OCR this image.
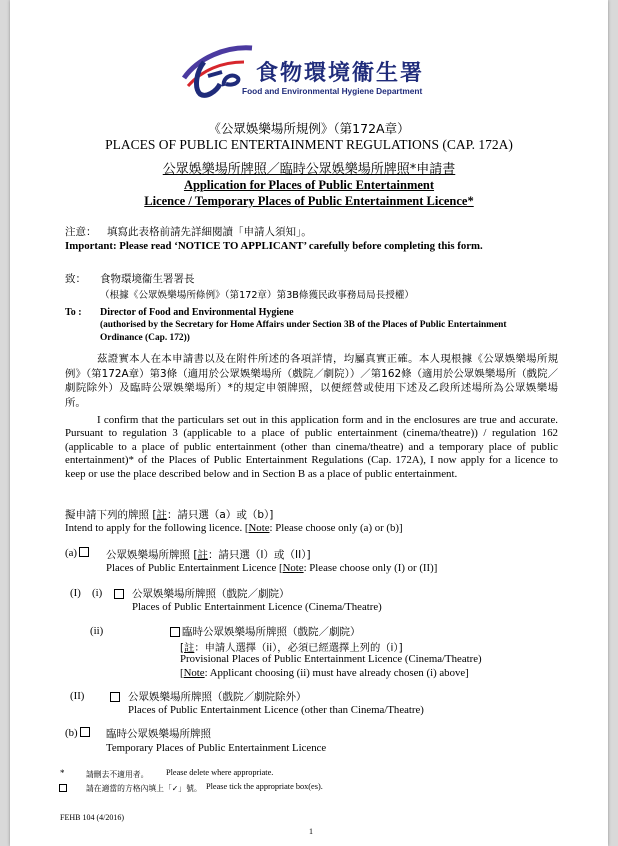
食物環境衞生署
Food and Environmental Hygiene Department
《公眾娛樂場所規例》（第172A章）
PLACES OF PUBLIC ENTERTAINMENT REGULATIONS (CAP. 172A)
公眾娛樂場所牌照／臨時公眾娛樂場所牌照*申請書
Application for Places of Public Entertainment
Licence / Temporary Places of Public Entertainment Licence*
注意： 填寫此表格前請先詳細閱讀「申請人須知」。
Important: Please read ‘NOTICE TO APPLICANT’ carefully before completing this form.
致： 食物環境衞生署署長
（根據《公眾娛樂場所條例》（第172章）第3B條獲民政事務局局長授權）
To : Director of Food and Environmental Hygiene
(authorised by the Secretary for Home Affairs under Section 3B of the Places of Public Entertainment
Ordinance (Cap. 172))

茲證實本人在本申請書以及在附件所述的各項詳情，均屬真實正確。本人現根據《公眾娛樂場所規例》（第172A章）第3條（適用於公眾娛樂場所（戲院／劇院））／第162條（適用於公眾娛樂場所（戲院／劇院除外）及臨時公眾娛樂場所）*的規定申領牌照，以便經營或使用下述及乙段所述場所為公眾娛樂場所。

I confirm that the particulars set out in this application form and in the enclosures are true and accurate. Pursuant to regulation 3 (applicable to a place of public entertainment (cinema/theatre)) / regulation 162 (applicable to a place of public entertainment (other than cinema/theatre) and a temporary place of public entertainment)* of the Places of Public Entertainment Regulations (Cap. 172A), I now apply for a licence to keep or use the place described below and in Section B as a place of public entertainment.

擬申請下列的牌照 [註：請只選（a）或（b）]
Intend to apply for the following licence. [Note: Please choose only (a) or (b)]
(a)	公眾娛樂場所牌照 [註：請只選（I）或（II）]
Places of Public Entertainment Licence [Note: Please choose only (I) or (II)]
(I) (i)	公眾娛樂場所牌照（戲院／劇院）
Places of Public Entertainment Licence (Cinema/Theatre)
(ii)	臨時公眾娛樂場所牌照（戲院／劇院）
[註：申請人選擇（ii），必須已經選擇上列的（i）]
Provisional Places of Public Entertainment Licence (Cinema/Theatre)
[Note: Applicant choosing (ii) must have already chosen (i) above]
(II)	公眾娛樂場所牌照（戲院／劇院除外）
Places of Public Entertainment Licence (other than Cinema/Theatre)
(b)	臨時公眾娛樂場所牌照
Temporary Places of Public Entertainment Licence
*	請刪去不適用者。 Please delete where appropriate.
請在適當的方格內填上「✓」號。 Please tick the appropriate box(es).
FEHB 104 (4/2016)
1
